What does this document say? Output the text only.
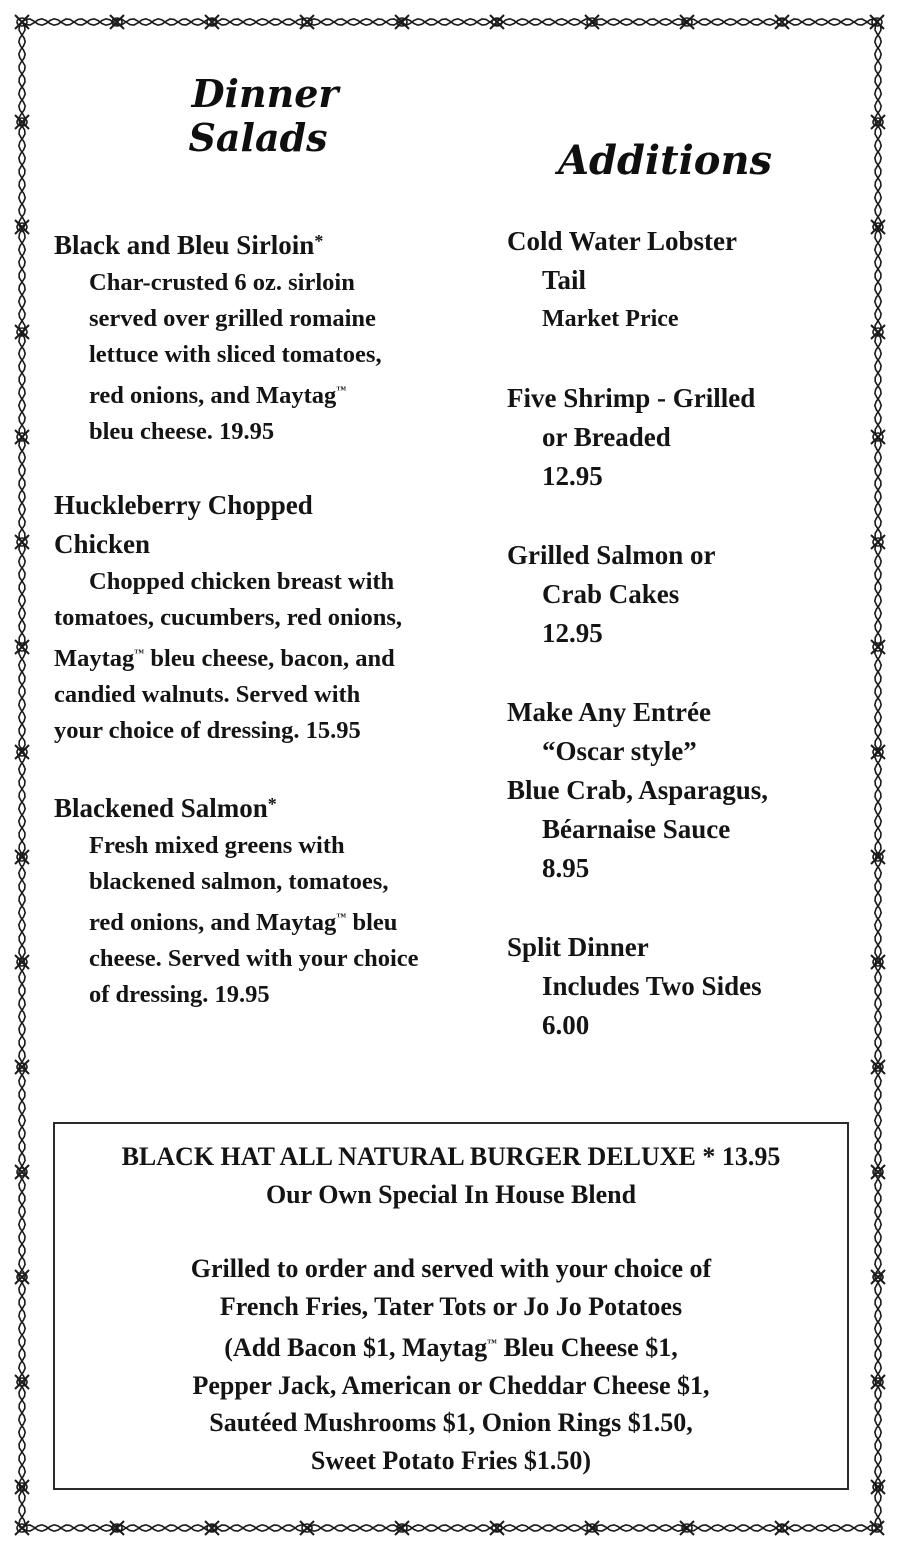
Dinner
Salads	Additions
Black and Bleu Sirloin*
Char-crusted 6 oz. sirloin
served over grilled romaine
lettuce with sliced tomatoes,
red onions, and Maytag™
bleu cheese. 19.95
Huckleberry Chopped
Chicken
Chopped chicken breast with
tomatoes, cucumbers, red onions,
Maytag™ bleu cheese, bacon, and
candied walnuts. Served with
your choice of dressing. 15.95
Blackened Salmon*
Fresh mixed greens with
blackened salmon, tomatoes,
red onions, and Maytag™ bleu
cheese. Served with your choice
of dressing. 19.95
Cold Water Lobster
Tail
Market Price
Five Shrimp - Grilled
or Breaded
12.95
Grilled Salmon or
Crab Cakes
12.95
Make Any Entrée
“Oscar style”
Blue Crab, Asparagus,
Béarnaise Sauce
8.95
Split Dinner
Includes Two Sides
6.00
BLACK HAT ALL NATURAL BURGER DELUXE * 13.95
Our Own Special In House Blend
Grilled to order and served with your choice of
French Fries, Tater Tots or Jo Jo Potatoes
(Add Bacon $1, Maytag™ Bleu Cheese $1,
Pepper Jack, American or Cheddar Cheese $1,
Sautéed Mushrooms $1, Onion Rings $1.50,
Sweet Potato Fries $1.50)
